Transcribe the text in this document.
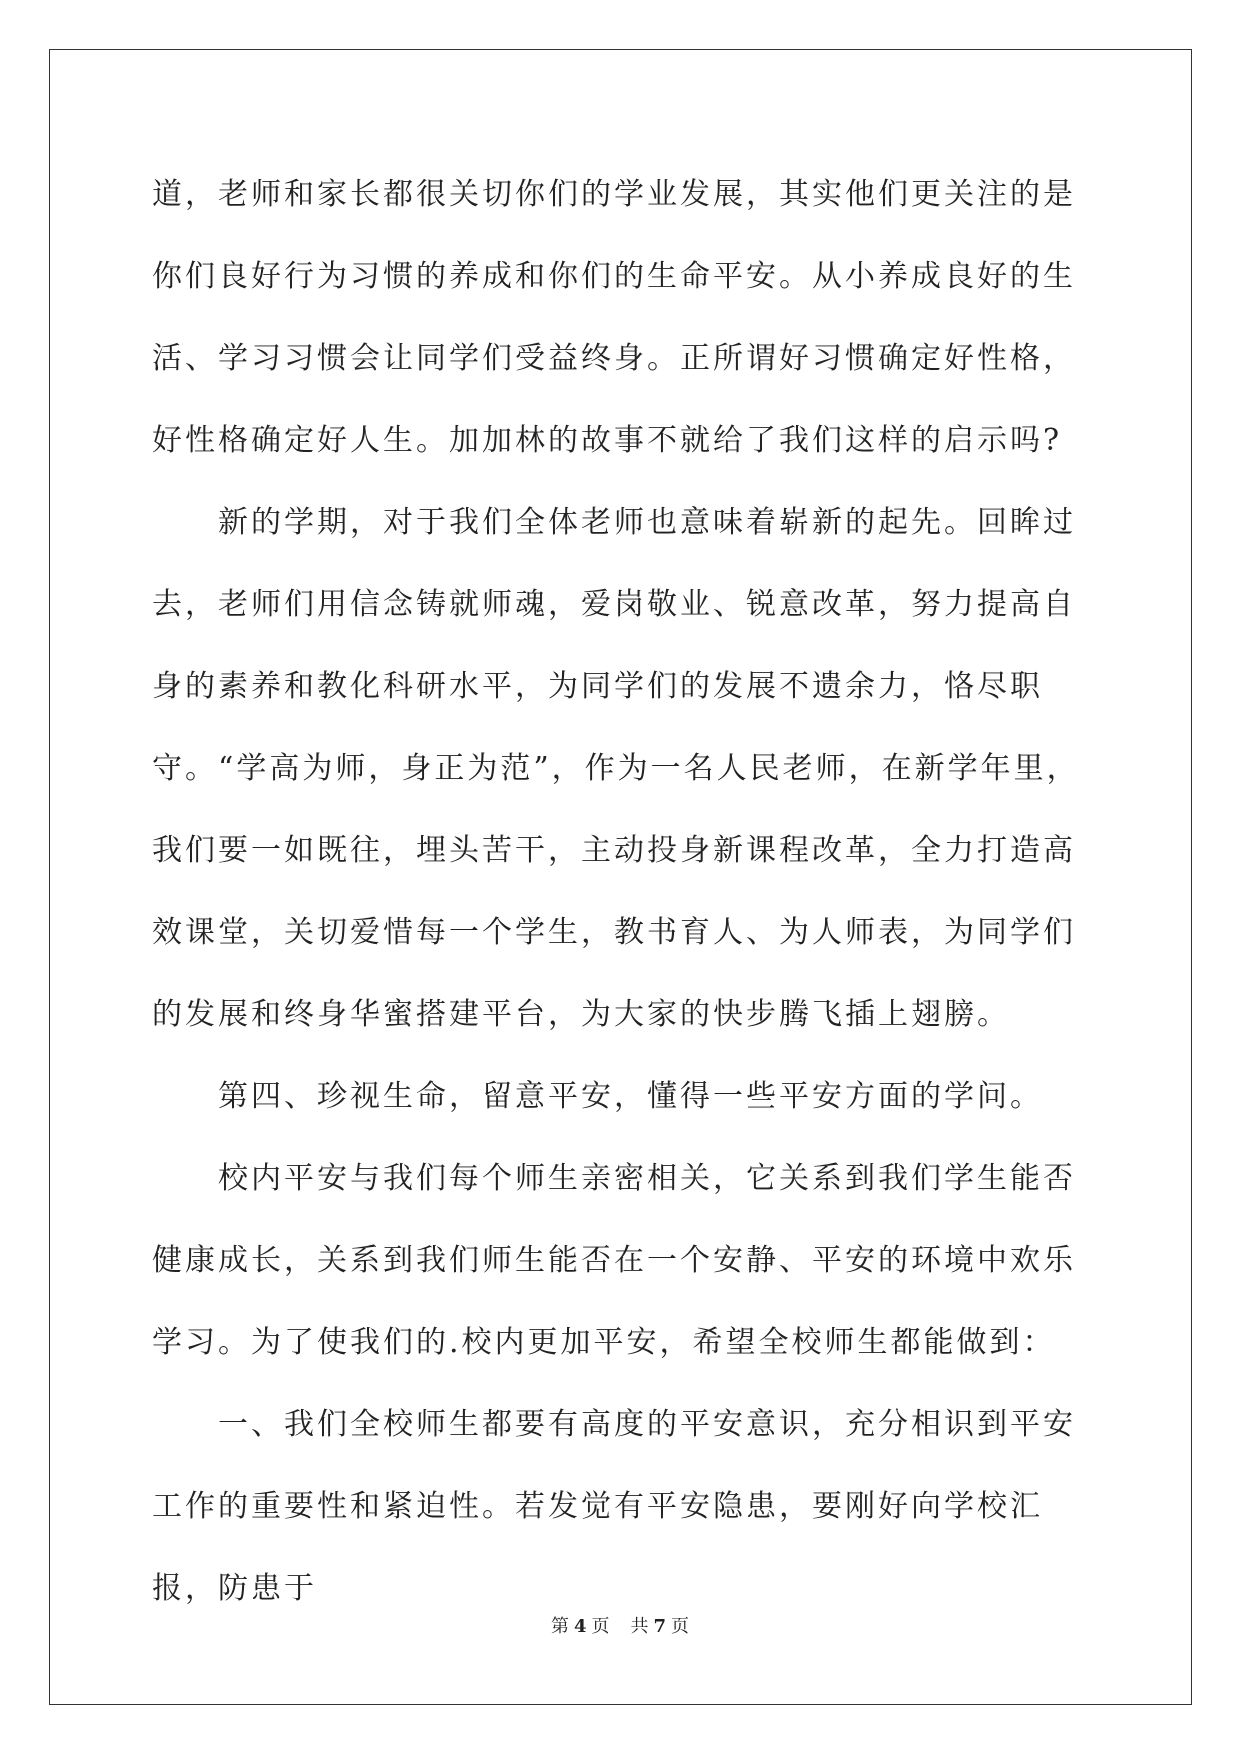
道，老师和家长都很关切你们的学业发展，其实他们更关注的是你们良好行为习惯的养成和你们的生命平安。从小养成良好的生活、学习习惯会让同学们受益终身。正所谓好习惯确定好性格，好性格确定好人生。加加林的故事不就给了我们这样的启示吗?

新的学期，对于我们全体老师也意味着崭新的起先。回眸过去，老师们用信念铸就师魂，爱岗敬业、锐意改革，努力提高自身的素养和教化科研水平，为同学们的发展不遗余力，恪尽职守。“学高为师，身正为范”，作为一名人民老师，在新学年里，我们要一如既往，埋头苦干，主动投身新课程改革，全力打造高效课堂，关切爱惜每一个学生，教书育人、为人师表，为同学们的发展和终身华蜜搭建平台，为大家的快步腾飞插上翅膀。

第四、珍视生命，留意平安，懂得一些平安方面的学问。

校内平安与我们每个师生亲密相关，它关系到我们学生能否健康成长，关系到我们师生能否在一个安静、平安的环境中欢乐学习。为了使我们的.校内更加平安，希望全校师生都能做到：

一、我们全校师生都要有高度的平安意识，充分相识到平安工作的重要性和紧迫性。若发觉有平安隐患，要刚好向学校汇报，防患于

第 4 页 共 7 页
